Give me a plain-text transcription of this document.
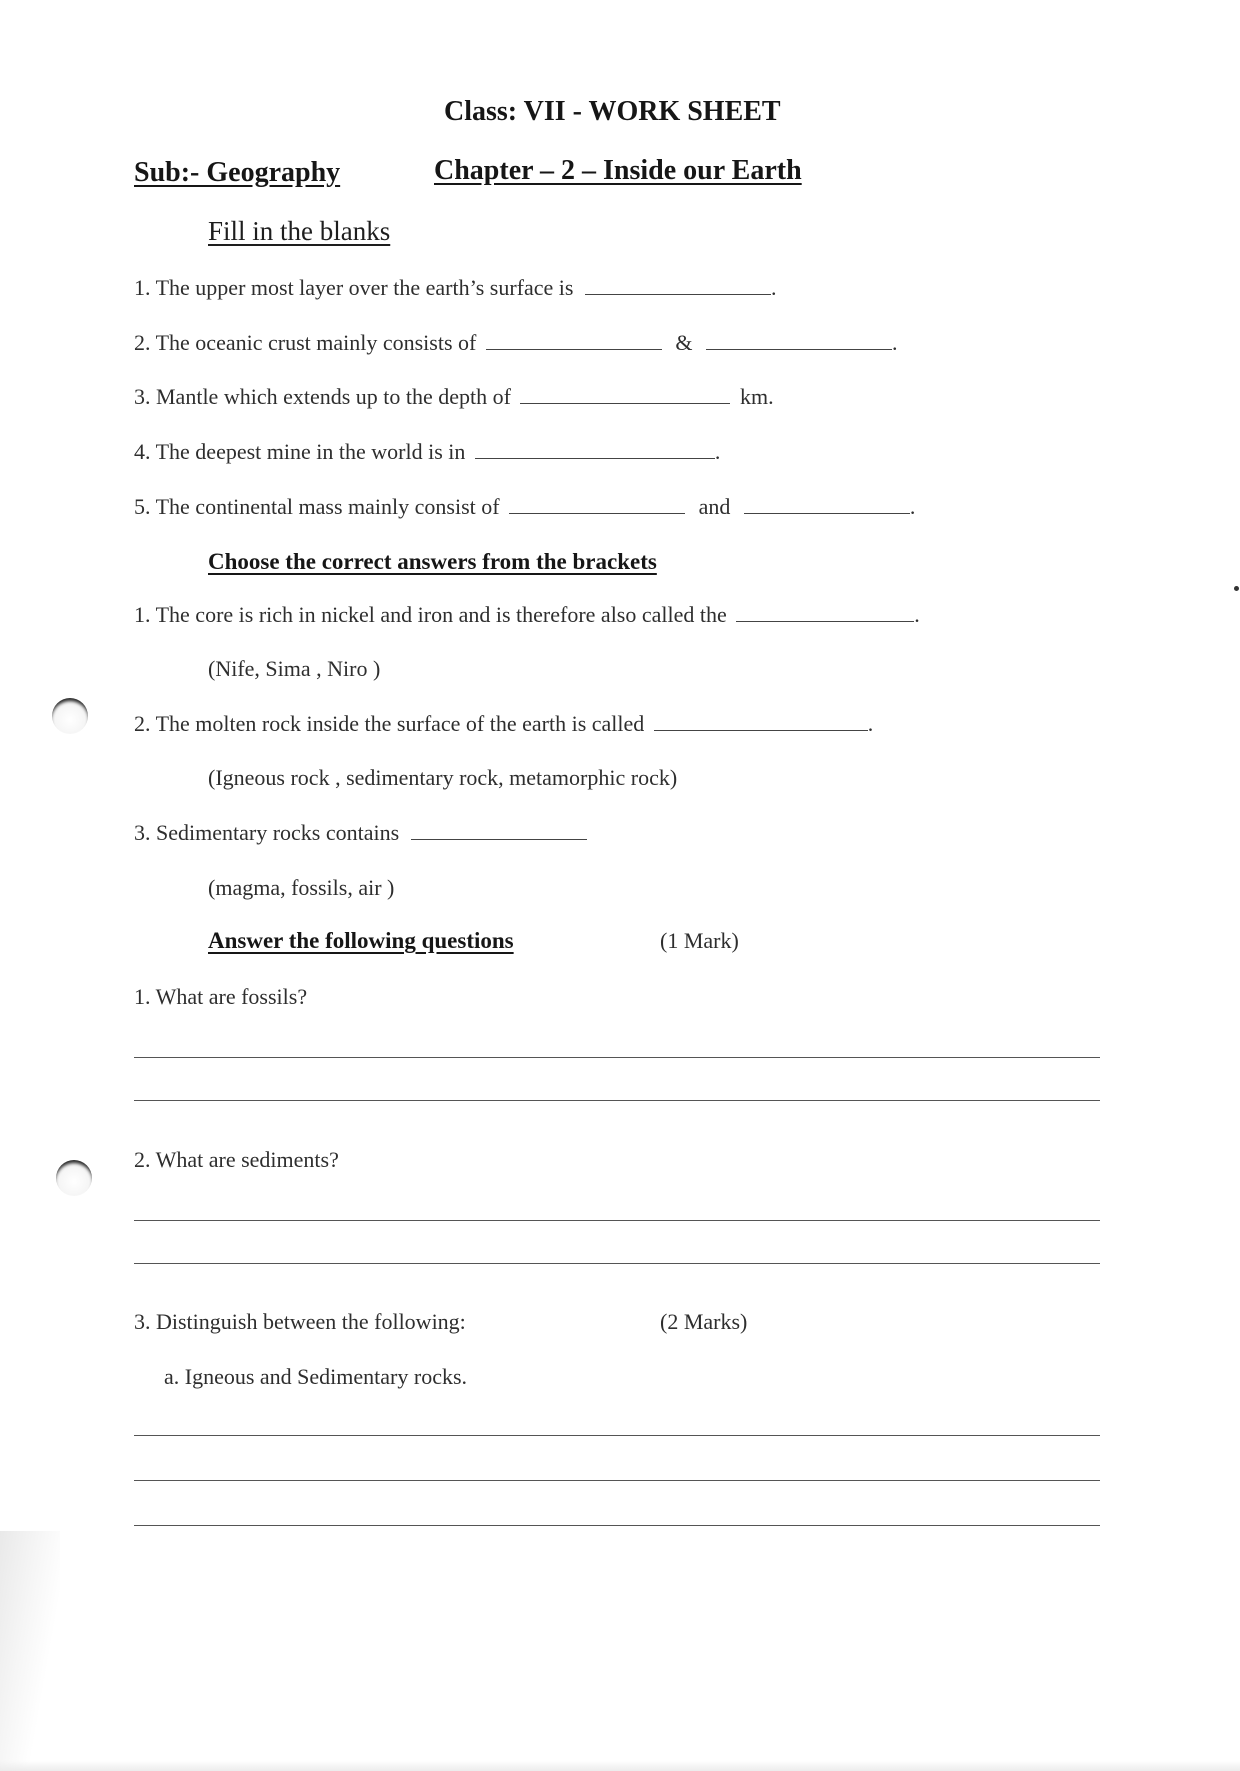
Class: VII - WORK SHEET
Sub:- Geography	Chapter – 2 – Inside our Earth
Fill in the blanks
1. The upper most layer over the earth’s surface is	.
2. The oceanic crust mainly consists of	&	.
3. Mantle which extends up to the depth of	km.
4. The deepest mine in the world is in	.
5. The continental mass mainly consist of	and	.
Choose the correct answers from the brackets
1. The core is rich in nickel and iron and is therefore also called the	.
(Nife, Sima , Niro )
2. The molten rock inside the surface of the earth is called	.
(Igneous rock , sedimentary rock, metamorphic rock)
3. Sedimentary rocks contains
(magma, fossils, air )
Answer the following questions	(1 Mark)
1. What are fossils?
2. What are sediments?
3. Distinguish between the following:	(2 Marks)
a. Igneous and Sedimentary rocks.
